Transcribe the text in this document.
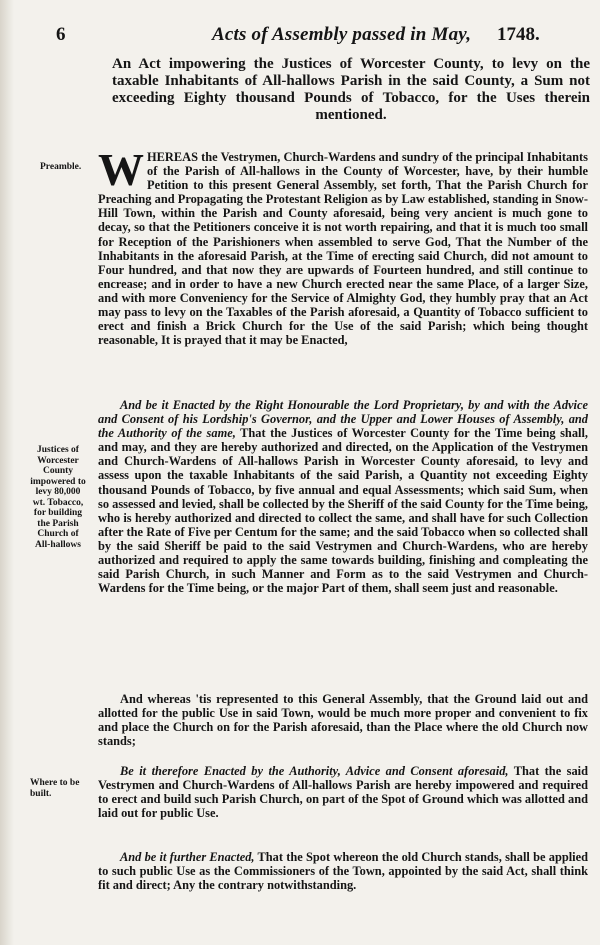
6	Acts of Assembly passed in May, 1748.
An Act impowering the Justices of Worcester County, to levy on the taxable Inhabitants of All-hallows Parish in the said County, a Sum not exceeding Eighty thousand Pounds of Tobacco, for the Uses therein mentioned.
Preamble.
Justices of Worcester County impowered to levy 80,000 wt. Tobacco, for building the Parish Church of All-hallows
Where to be built.
W HEREAS the Vestrymen, Church-Wardens and sundry of the principal Inhabitants of the Parish of All-hallows in the County of Worcester, have, by their humble Petition to this present General Assembly, set forth, That the Parish Church for Preaching and Propagating the Protestant Religion as by Law established, standing in Snow-Hill Town, within the Parish and County aforesaid, being very ancient is much gone to decay, so that the Petitioners conceive it is not worth repairing, and that it is much too small for Reception of the Parishioners when assembled to serve God, That the Number of the Inhabitants in the aforesaid Parish, at the Time of erecting said Church, did not amount to Four hundred, and that now they are upwards of Fourteen hundred, and still continue to encrease; and in order to have a new Church erected near the same Place, of a larger Size, and with more Conveniency for the Service of Almighty God, they humbly pray that an Act may pass to levy on the Taxables of the Parish aforesaid, a Quantity of Tobacco sufficient to erect and finish a Brick Church for the Use of the said Parish; which being thought reasonable, It is prayed that it may be Enacted,
And be it Enacted by the Right Honourable the Lord Proprietary, by and with the Advice and Consent of his Lordship's Governor, and the Upper and Lower Houses of Assembly, and the Authority of the same, That the Justices of Worcester County for the Time being shall, and may, and they are hereby authorized and directed, on the Application of the Vestrymen and Church-Wardens of All-hallows Parish in Worcester County aforesaid, to levy and assess upon the taxable Inhabitants of the said Parish, a Quantity not exceeding Eighty thousand Pounds of Tobacco, by five annual and equal Assessments; which said Sum, when so assessed and levied, shall be collected by the Sheriff of the said County for the Time being, who is hereby authorized and directed to collect the same, and shall have for such Collection after the Rate of Five per Centum for the same; and the said Tobacco when so collected shall by the said Sheriff be paid to the said Vestrymen and Church-Wardens, who are hereby authorized and required to apply the same towards building, finishing and compleating the said Parish Church, in such Manner and Form as to the said Vestrymen and Church-Wardens for the Time being, or the major Part of them, shall seem just and reasonable.
And whereas 'tis represented to this General Assembly, that the Ground laid out and allotted for the public Use in said Town, would be much more proper and convenient to fix and place the Church on for the Parish aforesaid, than the Place where the old Church now stands;
Be it therefore Enacted by the Authority, Advice and Consent aforesaid, That the said Vestrymen and Church-Wardens of All-hallows Parish are hereby impowered and required to erect and build such Parish Church, on part of the Spot of Ground which was allotted and laid out for public Use.
And be it further Enacted, That the Spot whereon the old Church stands, shall be applied to such public Use as the Commissioners of the Town, appointed by the said Act, shall think fit and direct; Any the contrary notwithstanding.
